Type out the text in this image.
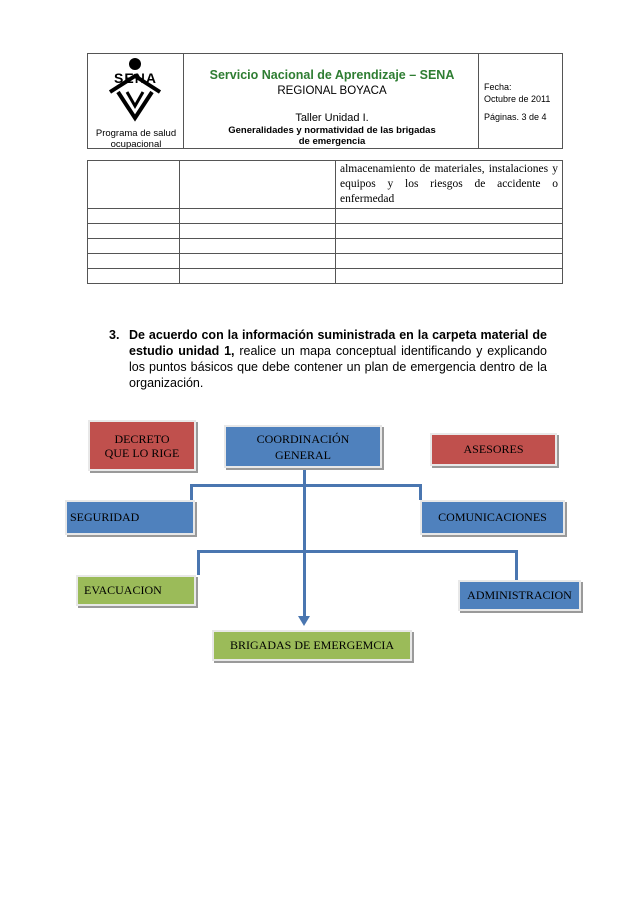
SENA
Programa de salud ocupacional
Servicio Nacional de Aprendizaje – SENA
REGIONAL BOYACA
Taller Unidad I.
Generalidades y normatividad de las brigadas de emergencia
Fecha:
Octubre de 2011
Páginas. 3 de 4

		almacenamiento de materiales, instalaciones y equipos y los riesgos de accidente o enfermedad

3. De acuerdo con la información suministrada en la carpeta material de estudio unidad 1, realice un mapa conceptual identificando y explicando los puntos básicos que debe contener un plan de emergencia dentro de la organización.
DECRETO QUE LO RIGE
COORDINACIÓN GENERAL	ASESORES
SEGURIDAD	COMUNICACIONES
EVACUACION	ADMINISTRACION
BRIGADAS DE EMERGEMCIA
